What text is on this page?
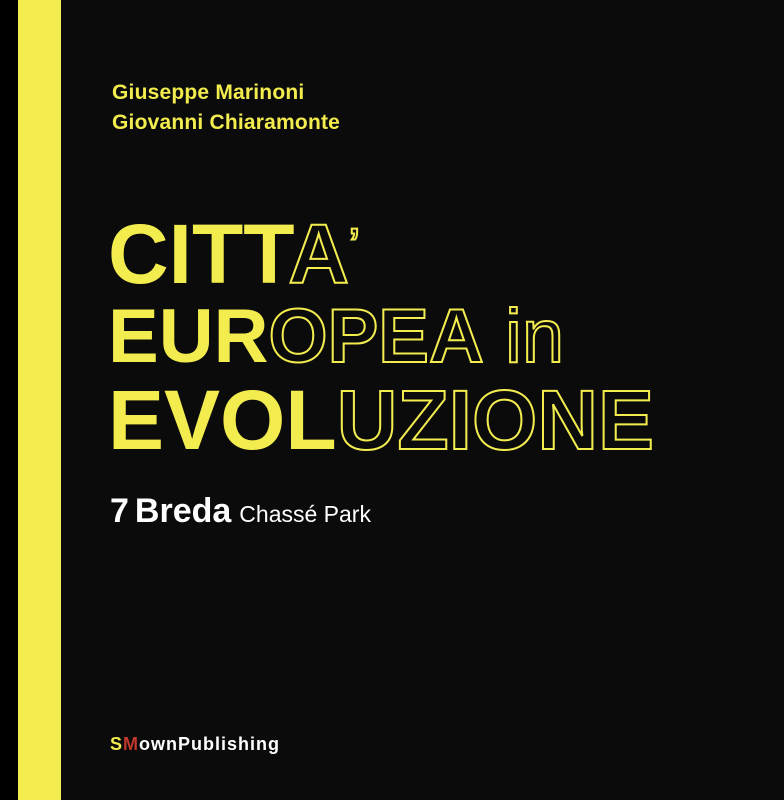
Giuseppe Marinoni
Giovanni Chiaramonte
CITTA’
EUROPEA in
EVOLUZIONE
7 Breda Chassé Park
SMownPublishing
